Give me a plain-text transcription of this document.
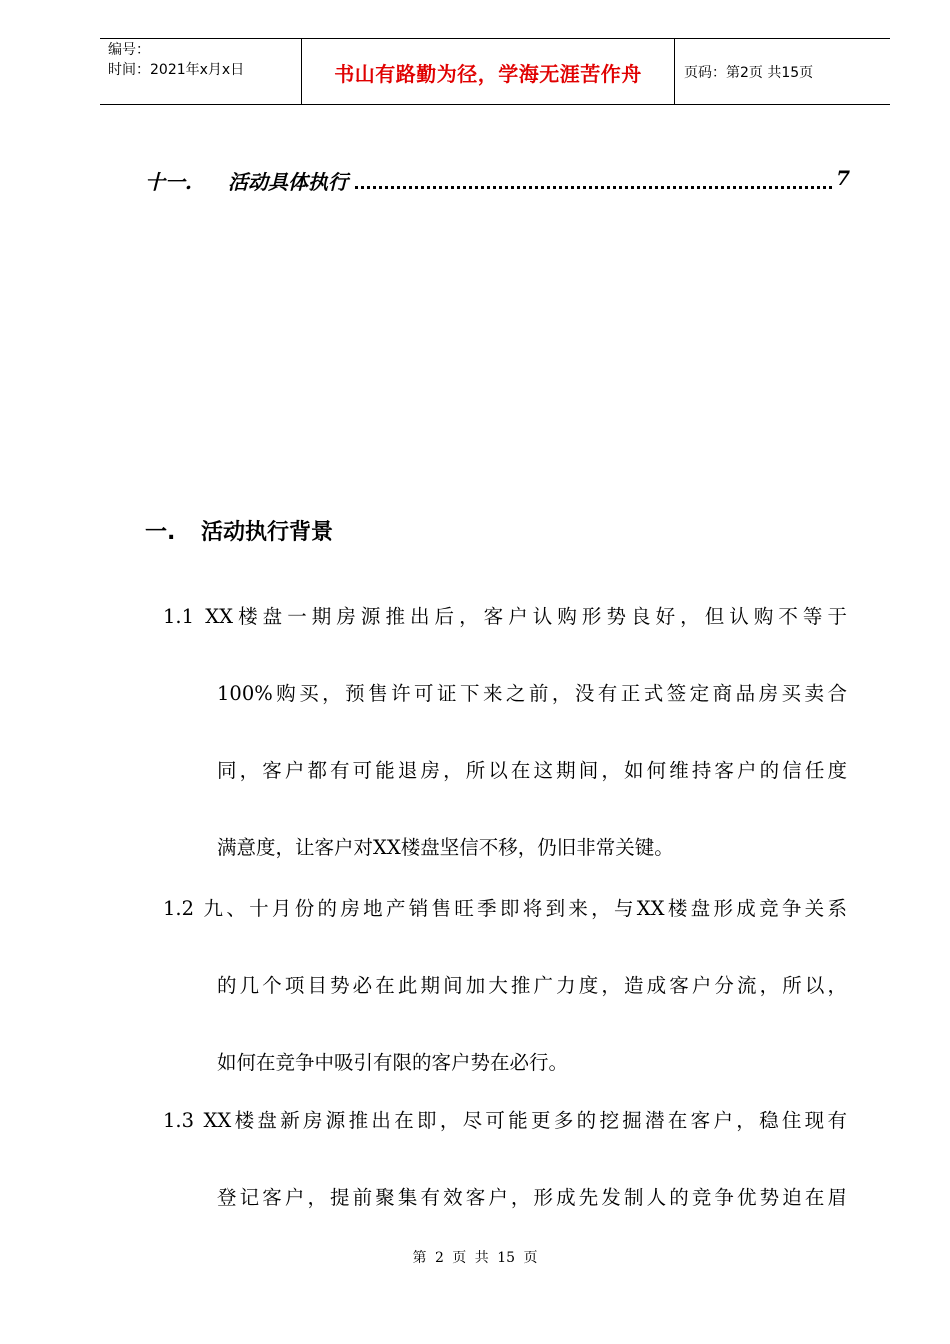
编号：
时间：2021年x月x日	书山有路勤为径，学海无涯苦作舟	页码：第2页 共15页
十一. 活动具体执行	7
一. 活动执行背景
1.1 XX楼盘一期房源推出后，客户认购形势良好，但认购不等于
100%购买，预售许可证下来之前，没有正式签定商品房买卖合
同，客户都有可能退房，所以在这期间，如何维持客户的信任度
满意度，让客户对XX楼盘坚信不移，仍旧非常关键。
1.2 九、十月份的房地产销售旺季即将到来，与XX楼盘形成竞争关系
的几个项目势必在此期间加大推广力度，造成客户分流，所以，
如何在竞争中吸引有限的客户势在必行。
1.3 XX楼盘新房源推出在即，尽可能更多的挖掘潜在客户，稳住现有
登记客户，提前聚集有效客户，形成先发制人的竞争优势迫在眉
第 2 页 共 15 页
